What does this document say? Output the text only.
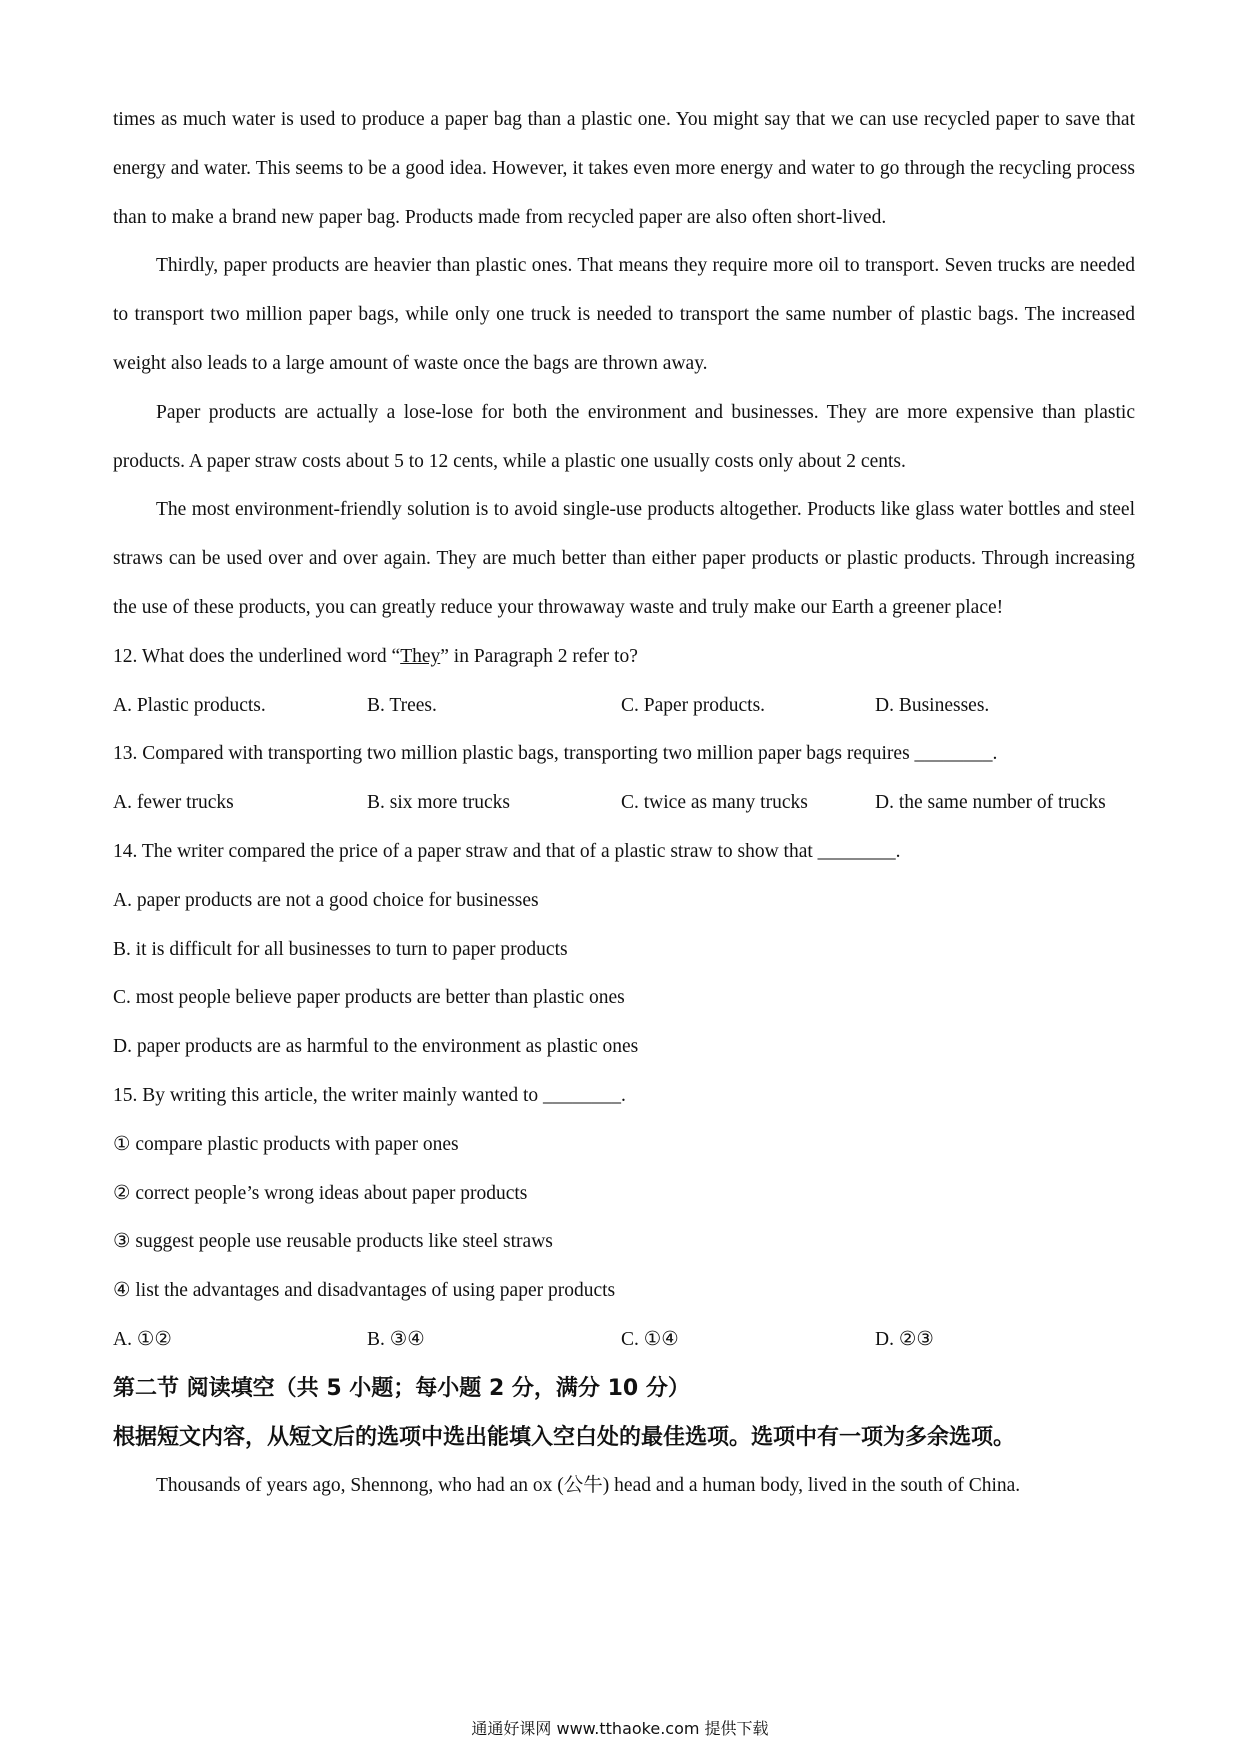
times as much water is used to produce a paper bag than a plastic one. You might say that we can use recycled paper to save that energy and water. This seems to be a good idea. However, it takes even more energy and water to go through the recycling process than to make a brand new paper bag. Products made from recycled paper are also often short-lived.

Thirdly, paper products are heavier than plastic ones. That means they require more oil to transport. Seven trucks are needed to transport two million paper bags, while only one truck is needed to transport the same number of plastic bags. The increased weight also leads to a large amount of waste once the bags are thrown away.

Paper products are actually a lose-lose for both the environment and businesses. They are more expensive than plastic products. A paper straw costs about 5 to 12 cents, while a plastic one usually costs only about 2 cents.

The most environment-friendly solution is to avoid single-use products altogether. Products like glass water bottles and steel straws can be used over and over again. They are much better than either paper products or plastic products. Through increasing the use of these products, you can greatly reduce your throwaway waste and truly make our Earth a greener place!

12. What does the underlined word “They” in Paragraph 2 refer to?

A. Plastic products.	B. Trees.	C. Paper products.	D. Businesses.

13. Compared with transporting two million plastic bags, transporting two million paper bags requires ________.

A. fewer trucks	B. six more trucks	C. twice as many trucks	D. the same number of trucks

14. The writer compared the price of a paper straw and that of a plastic straw to show that ________.

A. paper products are not a good choice for businesses

B. it is difficult for all businesses to turn to paper products

C. most people believe paper products are better than plastic ones

D. paper products are as harmful to the environment as plastic ones

15. By writing this article, the writer mainly wanted to ________.

① compare plastic products with paper ones

② correct people’s wrong ideas about paper products

③ suggest people use reusable products like steel straws

④ list the advantages and disadvantages of using paper products

A. ①②	B. ③④	C. ①④	D. ②③

第二节 阅读填空（共 5 小题；每小题 2 分，满分 10 分）

根据短文内容，从短文后的选项中选出能填入空白处的最佳选项。选项中有一项为多余选项。

Thousands of years ago, Shennong, who had an ox (公牛) head and a human body, lived in the south of China.

通通好课网 www.tthaoke.com 提供下载
